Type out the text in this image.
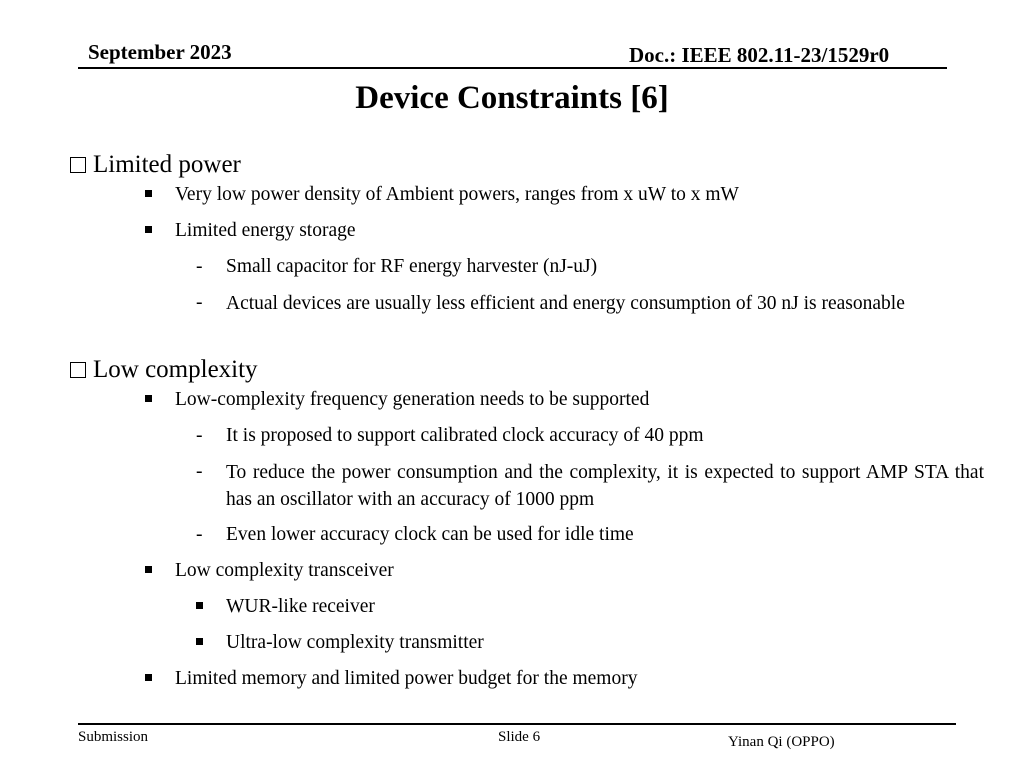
September 2023	Doc.: IEEE 802.11-23/1529r0
Device Constraints [6]
Limited power
Very low power density of Ambient powers, ranges from x uW to x mW
Limited energy storage
- Small capacitor for RF energy harvester (nJ-uJ)
- Actual devices are usually less efficient and energy consumption of 30 nJ is reasonable
Low complexity
Low-complexity frequency generation needs to be supported
- It is proposed to support calibrated clock accuracy of 40 ppm
- To reduce the power consumption and the complexity, it is expected to support AMP STA that has an oscillator with an accuracy of 1000 ppm
- Even lower accuracy clock can be used for idle time
Low complexity transceiver
WUR-like receiver
Ultra-low complexity transmitter
Limited memory and limited power budget for the memory
Submission	Slide 6	Yinan Qi (OPPO)
